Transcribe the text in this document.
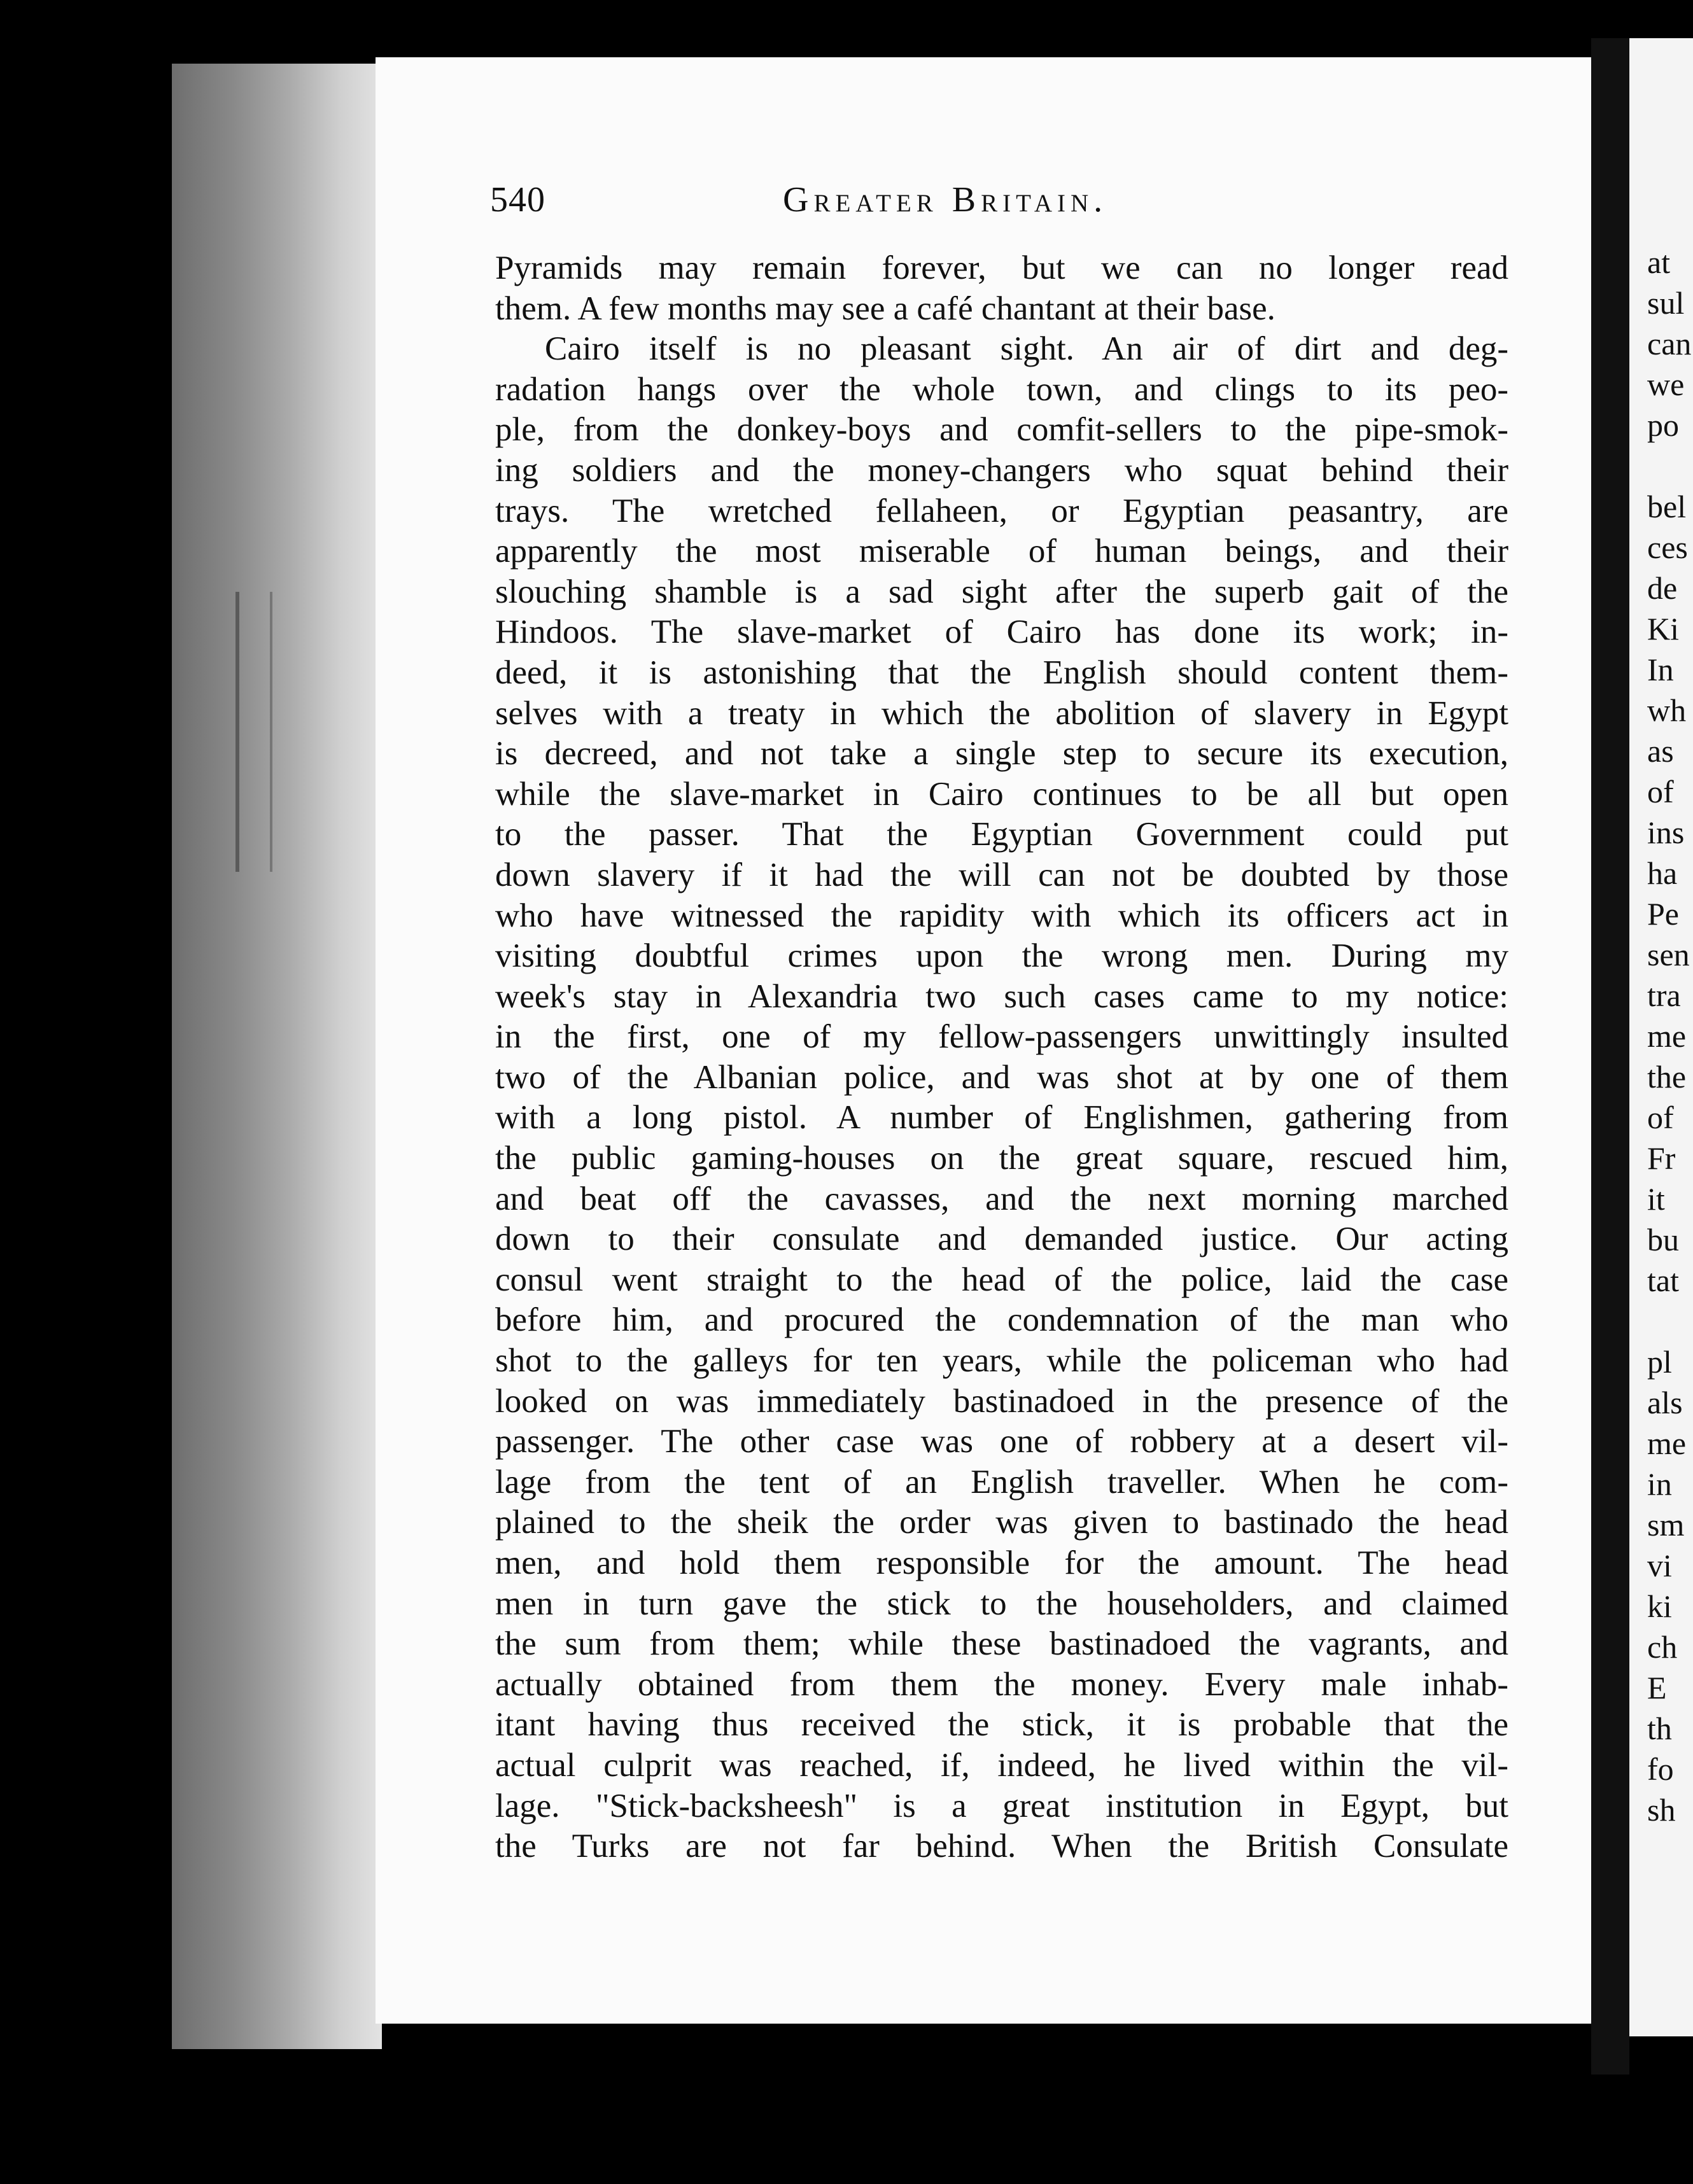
540	Greater Britain.
Pyramids may remain forever, but we can no longer read
them. A few months may see a café chantant at their base.
Cairo itself is no pleasant sight. An air of dirt and deg-
radation hangs over the whole town, and clings to its peo-
ple, from the donkey-boys and comfit-sellers to the pipe-smok-
ing soldiers and the money-changers who squat behind their
trays. The wretched fellaheen, or Egyptian peasantry, are
apparently the most miserable of human beings, and their
slouching shamble is a sad sight after the superb gait of the
Hindoos. The slave-market of Cairo has done its work; in-
deed, it is astonishing that the English should content them-
selves with a treaty in which the abolition of slavery in Egypt
is decreed, and not take a single step to secure its execution,
while the slave-market in Cairo continues to be all but open
to the passer. That the Egyptian Government could put
down slavery if it had the will can not be doubted by those
who have witnessed the rapidity with which its officers act in
visiting doubtful crimes upon the wrong men. During my
week's stay in Alexandria two such cases came to my notice:
in the first, one of my fellow-passengers unwittingly insulted
two of the Albanian police, and was shot at by one of them
with a long pistol. A number of Englishmen, gathering from
the public gaming-houses on the great square, rescued him,
and beat off the cavasses, and the next morning marched
down to their consulate and demanded justice. Our acting
consul went straight to the head of the police, laid the case
before him, and procured the condemnation of the man who
shot to the galleys for ten years, while the policeman who had
looked on was immediately bastinadoed in the presence of the
passenger. The other case was one of robbery at a desert vil-
lage from the tent of an English traveller. When he com-
plained to the sheik the order was given to bastinado the head
men, and hold them responsible for the amount. The head
men in turn gave the stick to the householders, and claimed
the sum from them; while these bastinadoed the vagrants, and
actually obtained from them the money. Every male inhab-
itant having thus received the stick, it is probable that the
actual culprit was reached, if, indeed, he lived within the vil-
lage. "Stick-backsheesh" is a great institution in Egypt, but
the Turks are not far behind. When the British Consulate
at
sul
can
we
po

bel
ces
de
Ki
In
wh
as
of
ins
ha
Pe
sen
tra
me
the
of
Fr
it
bu
tat

pl
als
me
in
sm
vi
ki
ch
E
th
fo
sh
